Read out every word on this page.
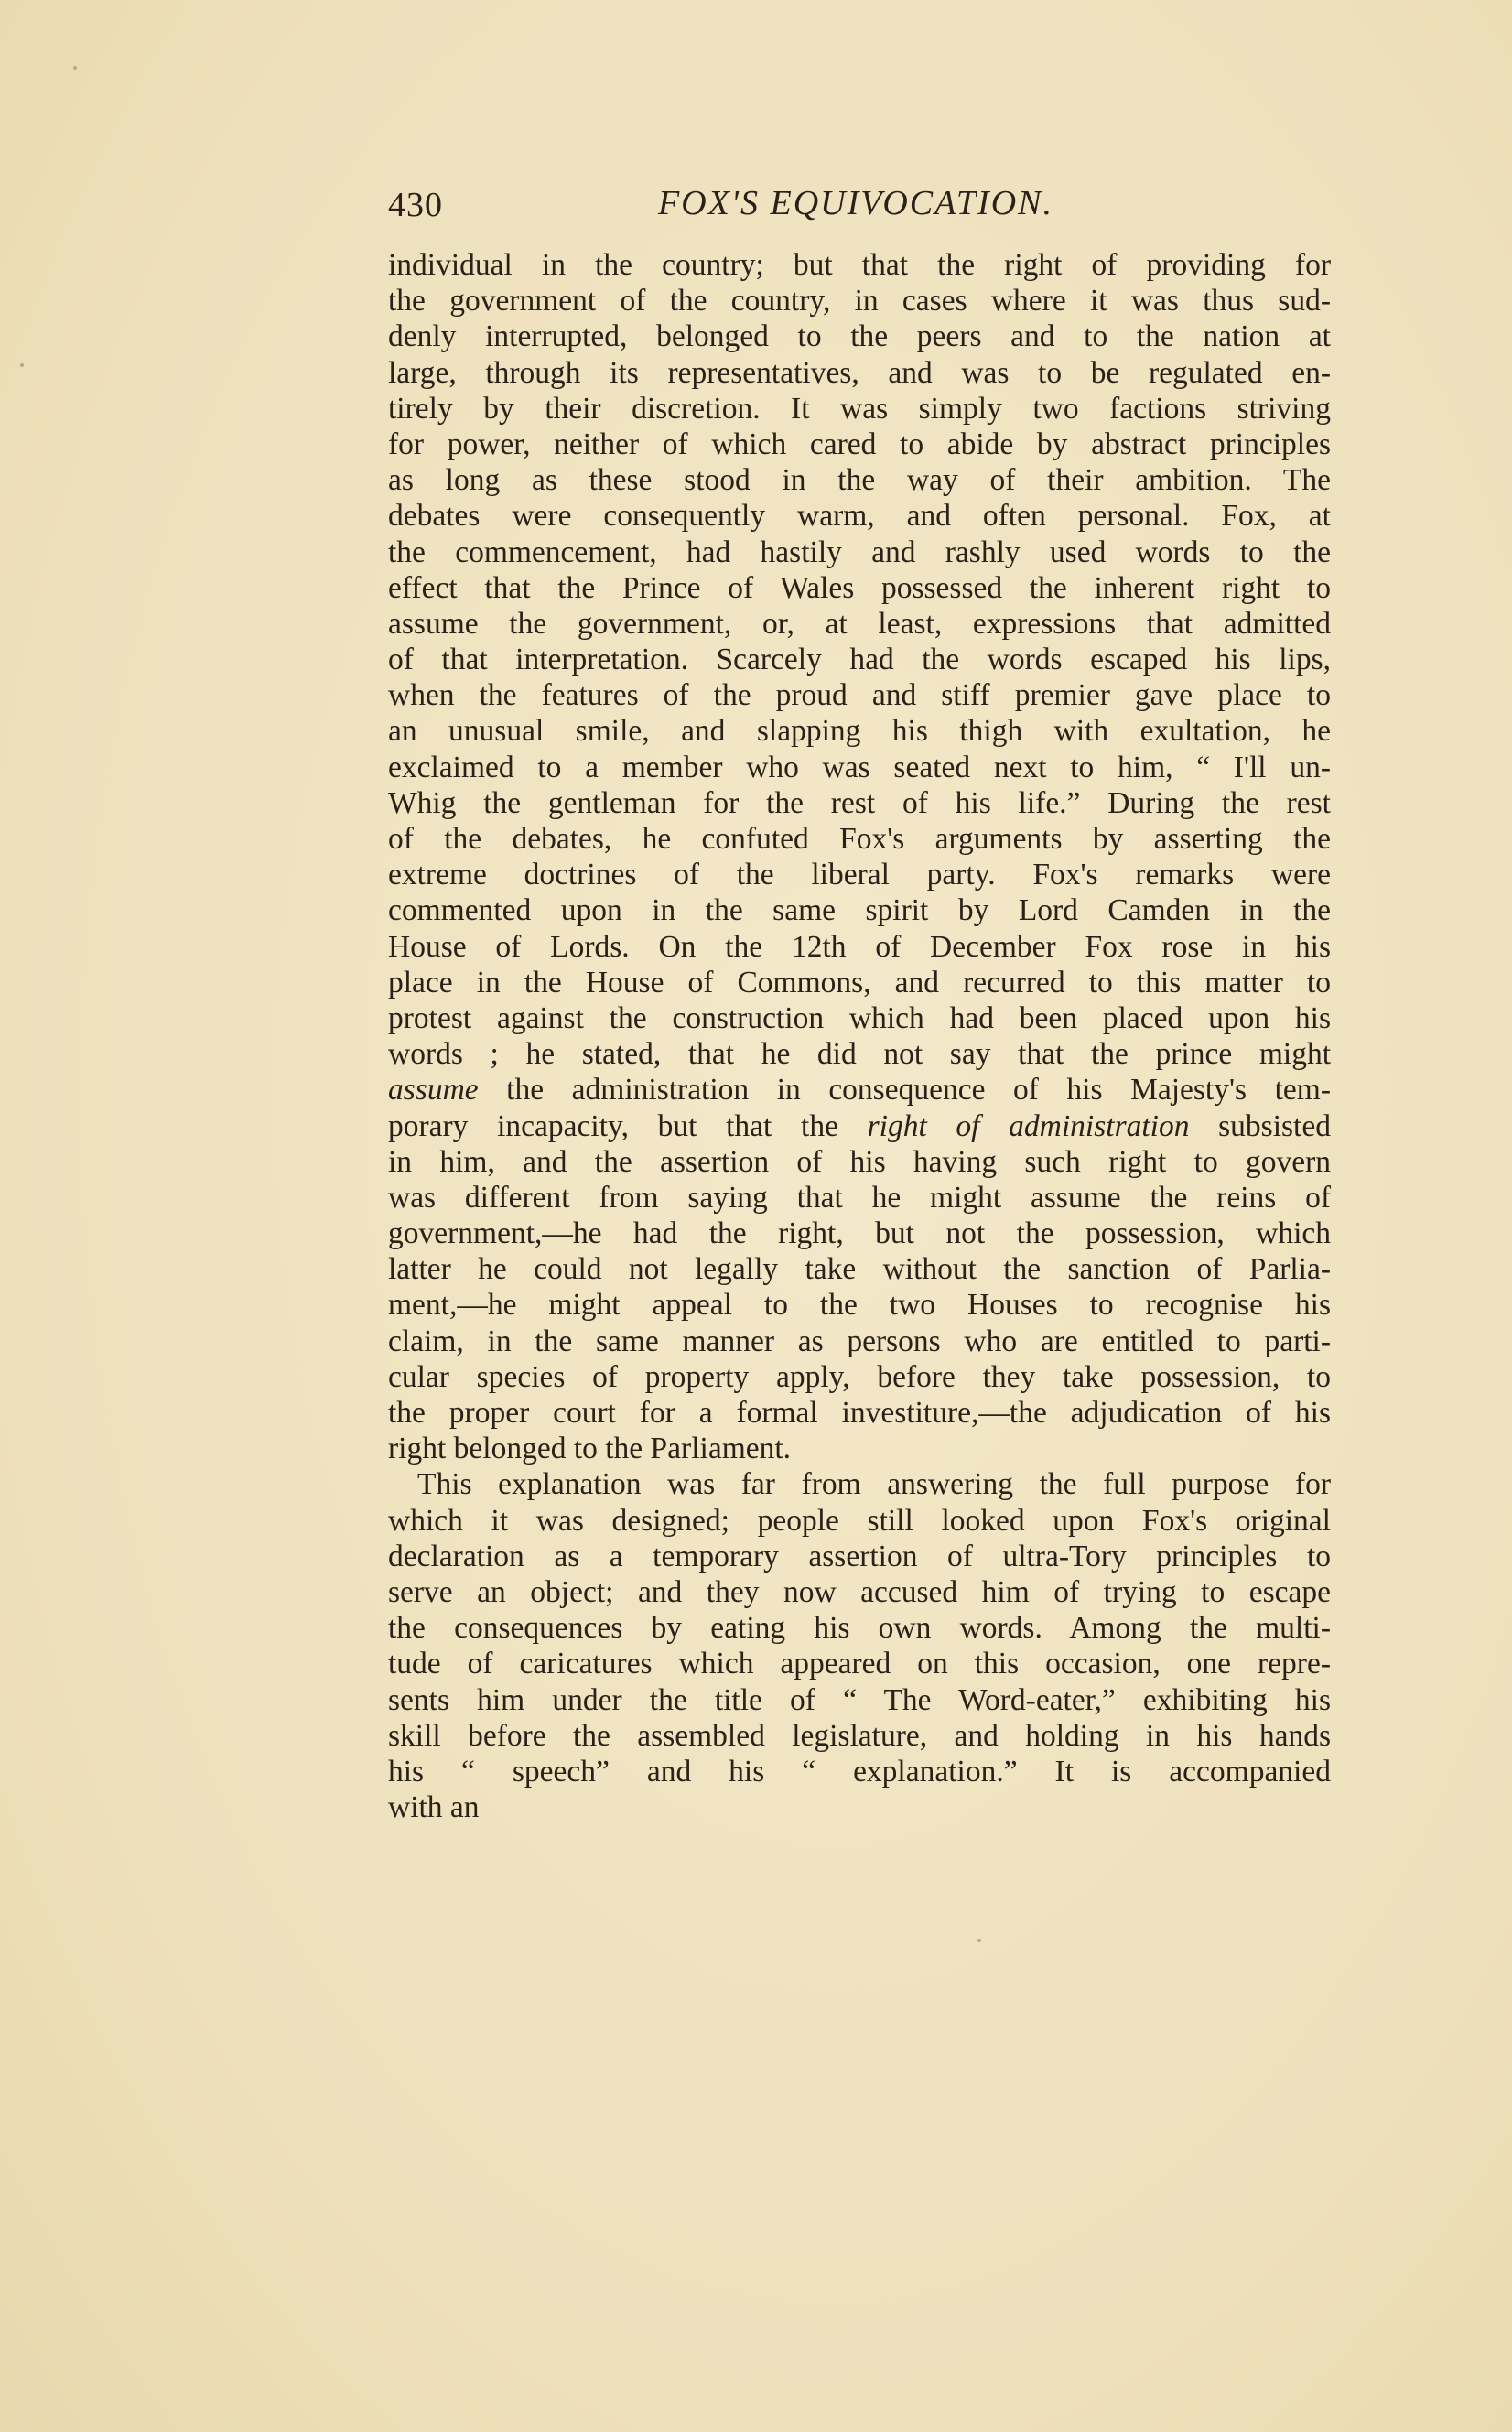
430	FOX'S EQUIVOCATION.
individual in the country; but that the right of providing for
the government of the country, in cases where it was thus sud-
denly interrupted, belonged to the peers and to the nation at
large, through its representatives, and was to be regulated en-
tirely by their discretion. It was simply two factions striving
for power, neither of which cared to abide by abstract principles
as long as these stood in the way of their ambition. The
debates were consequently warm, and often personal. Fox, at
the commencement, had hastily and rashly used words to the
effect that the Prince of Wales possessed the inherent right to
assume the government, or, at least, expressions that admitted
of that interpretation. Scarcely had the words escaped his lips,
when the features of the proud and stiff premier gave place to
an unusual smile, and slapping his thigh with exultation, he
exclaimed to a member who was seated next to him, “ I'll un-
Whig the gentleman for the rest of his life.” During the rest
of the debates, he confuted Fox's arguments by asserting the
extreme doctrines of the liberal party. Fox's remarks were
commented upon in the same spirit by Lord Camden in the
House of Lords. On the 12th of December Fox rose in his
place in the House of Commons, and recurred to this matter to
protest against the construction which had been placed upon his
words ; he stated, that he did not say that the prince might
assume the administration in consequence of his Majesty's tem-
porary incapacity, but that the right of administration subsisted
in him, and the assertion of his having such right to govern
was different from saying that he might assume the reins of
government,—he had the right, but not the possession, which
latter he could not legally take without the sanction of Parlia-
ment,—he might appeal to the two Houses to recognise his
claim, in the same manner as persons who are entitled to parti-
cular species of property apply, before they take possession, to
the proper court for a formal investiture,—the adjudication of his
right belonged to the Parliament.
This explanation was far from answering the full purpose for
which it was designed; people still looked upon Fox's original
declaration as a temporary assertion of ultra-Tory principles to
serve an object; and they now accused him of trying to escape
the consequences by eating his own words. Among the multi-
tude of caricatures which appeared on this occasion, one repre-
sents him under the title of “ The Word-eater,” exhibiting his
skill before the assembled legislature, and holding in his hands
his “ speech” and his “ explanation.” It is accompanied
with an
